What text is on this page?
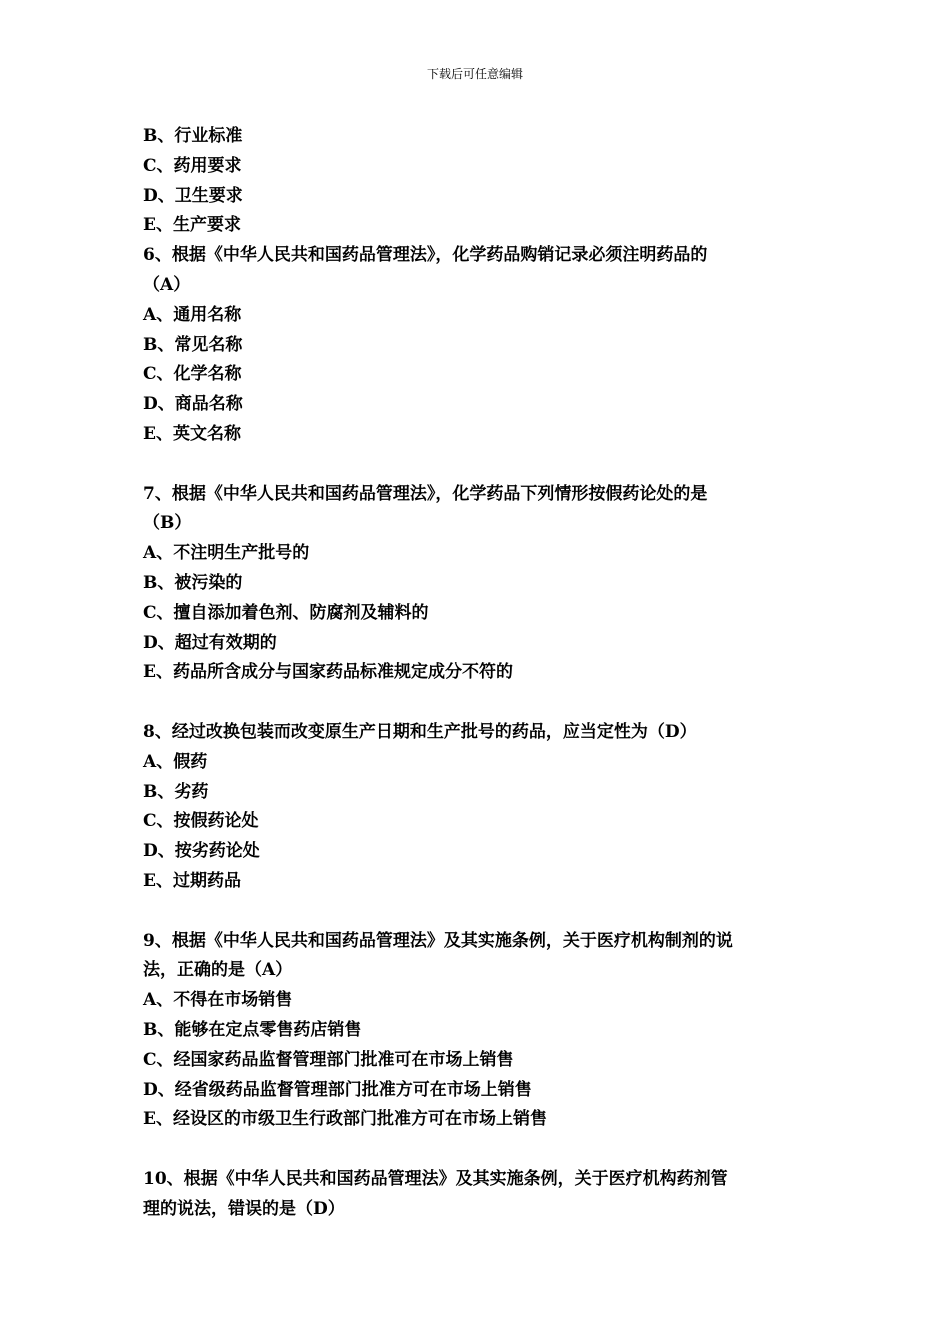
下载后可任意编辑
B、行业标准
C、药用要求
D、卫生要求
E、生产要求
6、根据《中华人民共和国药品管理法》，化学药品购销记录必须注明药品的
（A）
A、通用名称
B、常见名称
C、化学名称
D、商品名称
E、英文名称
7、根据《中华人民共和国药品管理法》，化学药品下列情形按假药论处的是
（B）
A、不注明生产批号的
B、被污染的
C、擅自添加着色剂、防腐剂及辅料的
D、超过有效期的
E、药品所含成分与国家药品标准规定成分不符的
8、经过改换包装而改变原生产日期和生产批号的药品，应当定性为（D）
A、假药
B、劣药
C、按假药论处
D、按劣药论处
E、过期药品
9、根据《中华人民共和国药品管理法》及其实施条例，关于医疗机构制剂的说
法，正确的是（A）
A、不得在市场销售
B、能够在定点零售药店销售
C、经国家药品监督管理部门批准可在市场上销售
D、经省级药品监督管理部门批准方可在市场上销售
E、经设区的市级卫生行政部门批准方可在市场上销售
10、根据《中华人民共和国药品管理法》及其实施条例，关于医疗机构药剂管
理的说法，错误的是（D）
